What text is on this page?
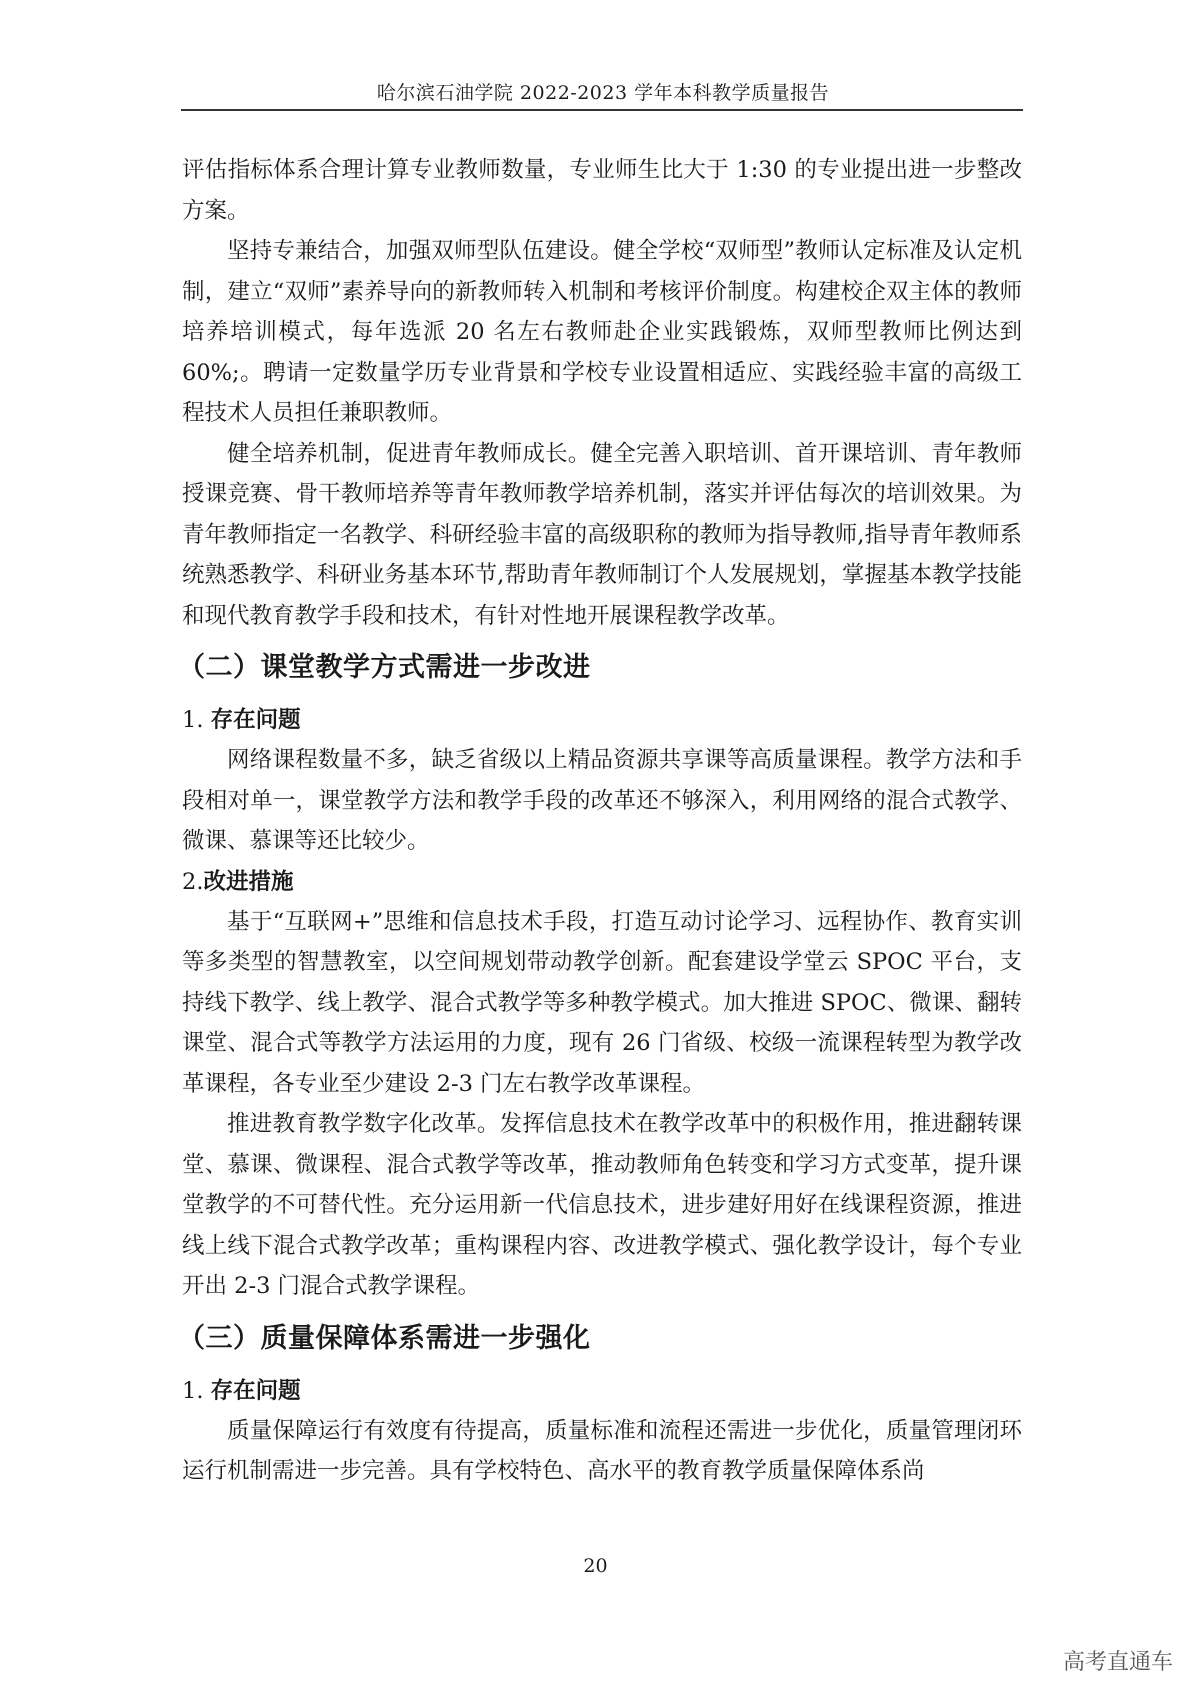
哈尔滨石油学院 2022-2023 学年本科教学质量报告

评估指标体系合理计算专业教师数量，专业师生比大于 1:30 的专业提出进一步整改方案。

坚持专兼结合，加强双师型队伍建设。健全学校“双师型”教师认定标准及认定机制，建立“双师”素养导向的新教师转入机制和考核评价制度。构建校企双主体的教师培养培训模式，每年选派 20 名左右教师赴企业实践锻炼，双师型教师比例达到 60%;。聘请一定数量学历专业背景和学校专业设置相适应、实践经验丰富的高级工程技术人员担任兼职教师。

健全培养机制，促进青年教师成长。健全完善入职培训、首开课培训、青年教师授课竞赛、骨干教师培养等青年教师教学培养机制，落实并评估每次的培训效果。为青年教师指定一名教学、科研经验丰富的高级职称的教师为指导教师,指导青年教师系统熟悉教学、科研业务基本环节,帮助青年教师制订个人发展规划，掌握基本教学技能和现代教育教学手段和技术，有针对性地开展课程教学改革。

（二）课堂教学方式需进一步改进
1. 存在问题

网络课程数量不多，缺乏省级以上精品资源共享课等高质量课程。教学方法和手段相对单一，课堂教学方法和教学手段的改革还不够深入，利用网络的混合式教学、微课、慕课等还比较少。

2.改进措施

基于“互联网+”思维和信息技术手段，打造互动讨论学习、远程协作、教育实训等多类型的智慧教室，以空间规划带动教学创新。配套建设学堂云 SPOC 平台，支持线下教学、线上教学、混合式教学等多种教学模式。加大推进 SPOC、微课、翻转课堂、混合式等教学方法运用的力度，现有 26 门省级、校级一流课程转型为教学改革课程，各专业至少建设 2-3 门左右教学改革课程。

推进教育教学数字化改革。发挥信息技术在教学改革中的积极作用，推进翻转课堂、慕课、微课程、混合式教学等改革，推动教师角色转变和学习方式变革，提升课堂教学的不可替代性。充分运用新一代信息技术，进步建好用好在线课程资源，推进线上线下混合式教学改革；重构课程内容、改进教学模式、强化教学设计，每个专业开出 2-3 门混合式教学课程。

（三）质量保障体系需进一步强化
1. 存在问题

质量保障运行有效度有待提高，质量标准和流程还需进一步优化，质量管理闭环运行机制需进一步完善。具有学校特色、高水平的教育教学质量保障体系尚

20
高考直通车
